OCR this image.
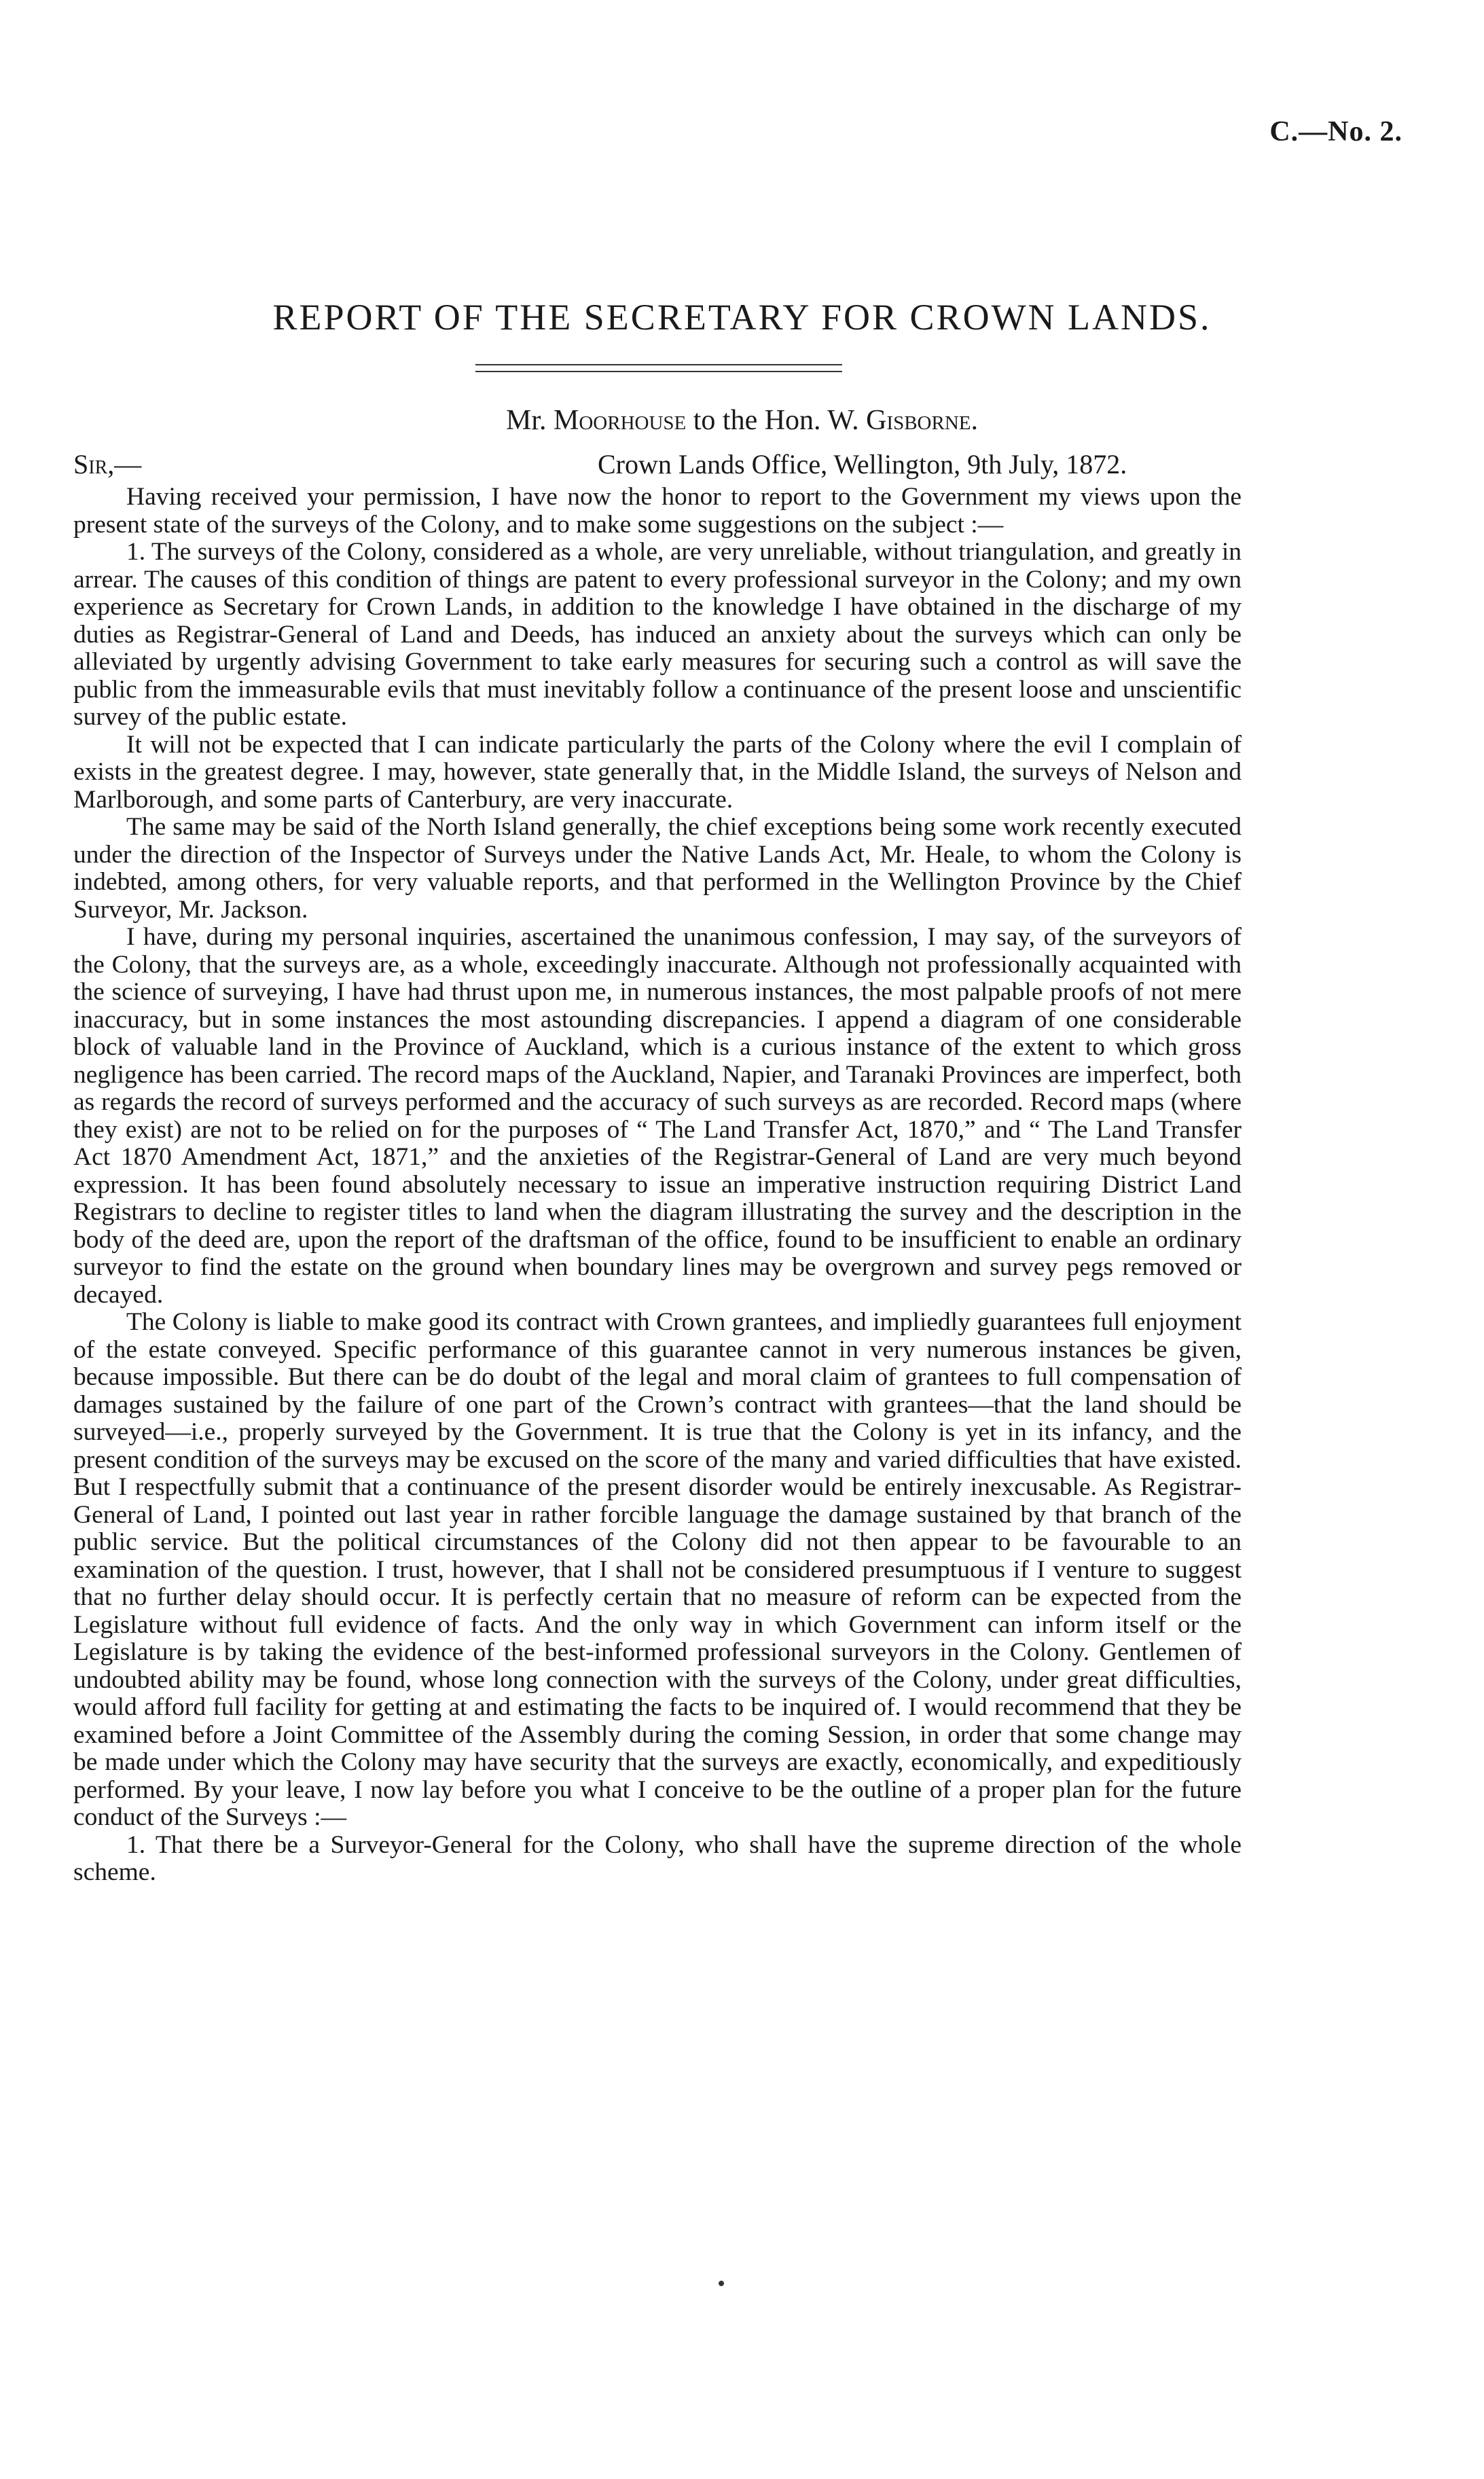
C.—No. 2.
REPORT OF THE SECRETARY FOR CROWN LANDS.
Mr. Moorhouse to the Hon. W. Gisborne.
Sir,—	Crown Lands Office, Wellington, 9th July, 1872.

Having received your permission, I have now the honor to report to the Government my views upon the present state of the surveys of the Colony, and to make some suggestions on the subject :—

1. The surveys of the Colony, considered as a whole, are very unreliable, without triangulation, and greatly in arrear. The causes of this condition of things are patent to every professional surveyor in the Colony; and my own experience as Secretary for Crown Lands, in addition to the knowledge I have obtained in the discharge of my duties as Registrar-General of Land and Deeds, has induced an anxiety about the surveys which can only be alleviated by urgently advising Government to take early measures for securing such a control as will save the public from the immeasurable evils that must inevitably follow a continuance of the present loose and unscientific survey of the public estate.

It will not be expected that I can indicate particularly the parts of the Colony where the evil I complain of exists in the greatest degree. I may, however, state generally that, in the Middle Island, the surveys of Nelson and Marlborough, and some parts of Canterbury, are very inaccurate.

The same may be said of the North Island generally, the chief exceptions being some work recently executed under the direction of the Inspector of Surveys under the Native Lands Act, Mr. Heale, to whom the Colony is indebted, among others, for very valuable reports, and that performed in the Wellington Province by the Chief Surveyor, Mr. Jackson.

I have, during my personal inquiries, ascertained the unanimous confession, I may say, of the surveyors of the Colony, that the surveys are, as a whole, exceedingly inaccurate. Although not professionally acquainted with the science of surveying, I have had thrust upon me, in numerous instances, the most palpable proofs of not mere inaccuracy, but in some instances the most astounding discrepancies. I append a diagram of one considerable block of valuable land in the Province of Auckland, which is a curious instance of the extent to which gross negligence has been carried. The record maps of the Auckland, Napier, and Taranaki Provinces are imperfect, both as regards the record of surveys performed and the accuracy of such surveys as are recorded. Record maps (where they exist) are not to be relied on for the purposes of “ The Land Transfer Act, 1870,” and “ The Land Transfer Act 1870 Amendment Act, 1871,” and the anxieties of the Registrar-General of Land are very much beyond expression. It has been found absolutely necessary to issue an imperative instruction requiring District Land Registrars to decline to register titles to land when the diagram illustrating the survey and the description in the body of the deed are, upon the report of the draftsman of the office, found to be insufficient to enable an ordinary surveyor to find the estate on the ground when boundary lines may be overgrown and survey pegs removed or decayed.

The Colony is liable to make good its contract with Crown grantees, and impliedly guarantees full enjoyment of the estate conveyed. Specific performance of this guarantee cannot in very numerous instances be given, because impossible. But there can be do doubt of the legal and moral claim of grantees to full compensation of damages sustained by the failure of one part of the Crown’s contract with grantees—that the land should be surveyed—i.e., properly surveyed by the Government. It is true that the Colony is yet in its infancy, and the present condition of the surveys may be excused on the score of the many and varied difficulties that have existed. But I respectfully submit that a continuance of the present disorder would be entirely inexcusable. As Registrar-General of Land, I pointed out last year in rather forcible language the damage sustained by that branch of the public service. But the political circumstances of the Colony did not then appear to be favourable to an examination of the question. I trust, however, that I shall not be considered presumptuous if I venture to suggest that no further delay should occur. It is perfectly certain that no measure of reform can be expected from the Legislature without full evidence of facts. And the only way in which Government can inform itself or the Legislature is by taking the evidence of the best-informed professional surveyors in the Colony. Gentlemen of undoubted ability may be found, whose long connection with the surveys of the Colony, under great difficulties, would afford full facility for getting at and estimating the facts to be inquired of. I would recommend that they be examined before a Joint Committee of the Assembly during the coming Session, in order that some change may be made under which the Colony may have security that the surveys are exactly, economically, and expeditiously performed. By your leave, I now lay before you what I conceive to be the outline of a proper plan for the future conduct of the Surveys :—

1. That there be a Surveyor-General for the Colony, who shall have the supreme direction of the whole scheme.
